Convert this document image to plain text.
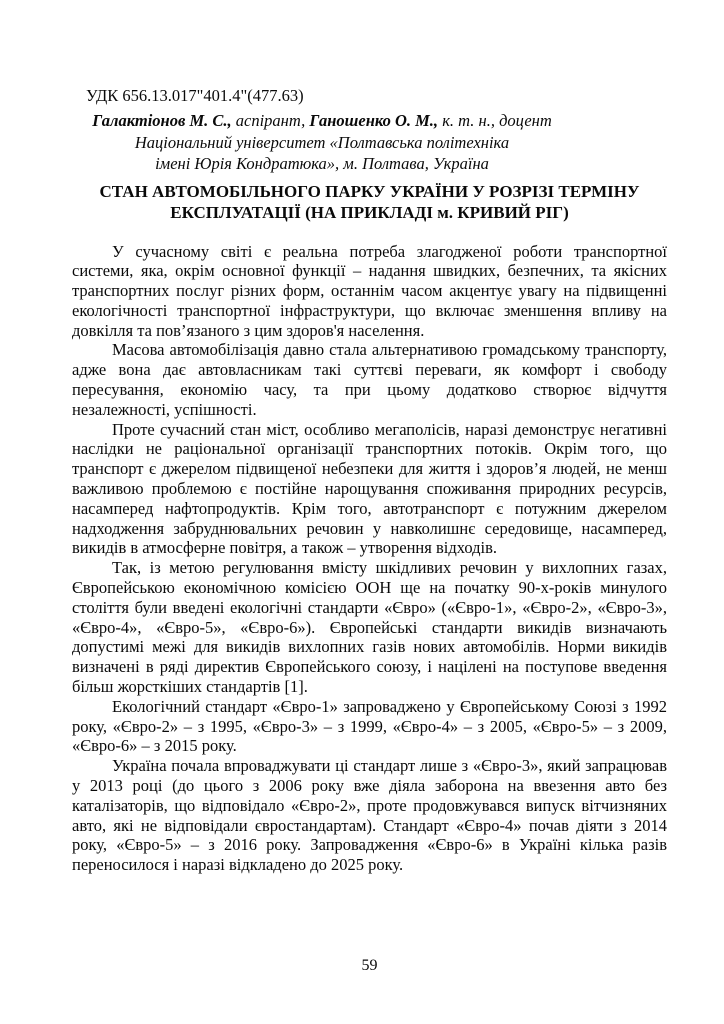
УДК 656.13.017"401.4"(477.63)
Галактіонов М. С., аспірант, Ганошенко О. М., к. т. н., доцент
Національний університет «Полтавська політехніка імені Юрія Кондратюка», м. Полтава, Україна
СТАН АВТОМОБІЛЬНОГО ПАРКУ УКРАЇНИ У РОЗРІЗІ ТЕРМІНУ ЕКСПЛУАТАЦІЇ (НА ПРИКЛАДІ м. КРИВИЙ РІГ)

У сучасному світі є реальна потреба злагодженої роботи транспортної системи, яка, окрім основної функції – надання швидких, безпечних, та якісних транспортних послуг різних форм, останнім часом акцентує увагу на підвищенні екологічності транспортної інфраструктури, що включає зменшення впливу на довкілля та пов’язаного з цим здоров'я населення.

Масова автомобілізація давно стала альтернативою громадському транспорту, адже вона дає автовласникам такі суттєві переваги, як комфорт і свободу пересування, економію часу, та при цьому додатково створює відчуття незалежності, успішності.

Проте сучасний стан міст, особливо мегаполісів, наразі демонструє негативні наслідки не раціональної організації транспортних потоків. Окрім того, що транспорт є джерелом підвищеної небезпеки для життя і здоров’я людей, не менш важливою проблемою є постійне нарощування споживання природних ресурсів, насамперед нафтопродуктів. Крім того, автотранспорт є потужним джерелом надходження забруднювальних речовин у навколишнє середовище, насамперед, викидів в атмосферне повітря, а також – утворення відходів.

Так, із метою регулювання вмісту шкідливих речовин у вихлопних газах, Європейською економічною комісією ООН ще на початку 90-х-років минулого століття були введені екологічні стандарти «Євро» («Євро-1», «Євро-2», «Євро-3», «Євро-4», «Євро-5», «Євро-6»). Європейські стандарти викидів визначають допустимі межі для викидів вихлопних газів нових автомобілів. Норми викидів визначені в ряді директив Європейського союзу, і націлені на поступове введення більш жорсткіших стандартів [1].

Екологічний стандарт «Євро-1» запроваджено у Європейському Союзі з 1992 року, «Євро-2» – з 1995, «Євро-3» – з 1999, «Євро-4» – з 2005, «Євро-5» – з 2009, «Євро-6» – з 2015 року.

Україна почала впроваджувати ці стандарт лише з «Євро-3», який запрацював у 2013 році (до цього з 2006 року вже діяла заборона на ввезення авто без каталізаторів, що відповідало «Євро-2», проте продовжувався випуск вітчизняних авто, які не відповідали євростандартам). Стандарт «Євро-4» почав діяти з 2014 року, «Євро-5» – з 2016 року. Запровадження «Євро-6» в Україні кілька разів переносилося і наразі відкладено до 2025 року.

59
